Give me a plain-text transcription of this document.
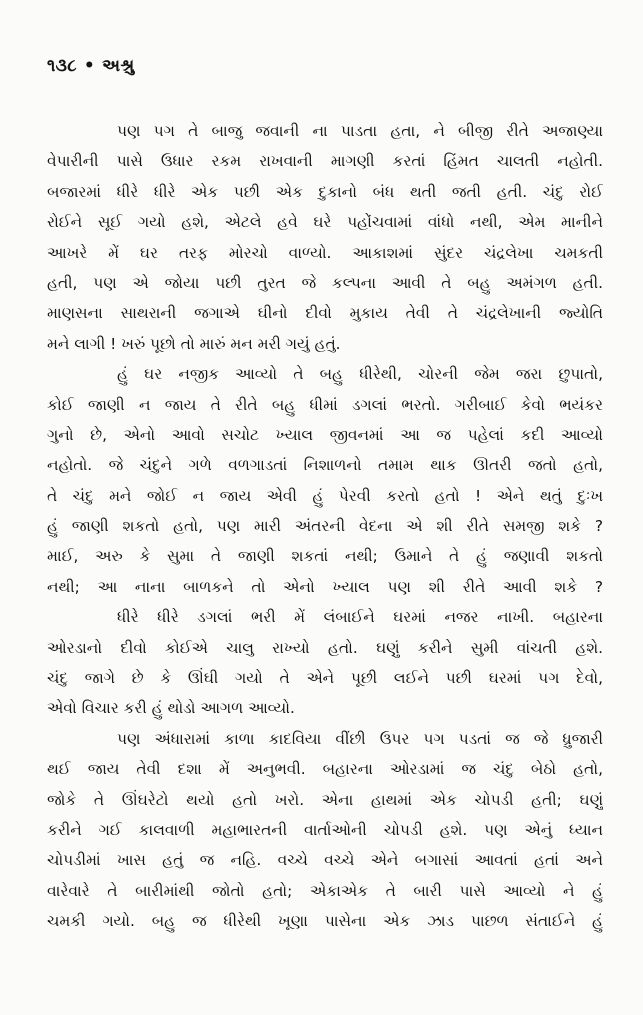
૧૩૮ • અશ્રુ
પણ પગ તે બાજુ જવાની ના પાડતા હતા, ને બીજી રીતે અજાણ્યા
વેપારીની પાસે ઉધાર રકમ રાખવાની માગણી કરતાં હિંમત ચાલતી નહોતી.
બજારમાં ધીરે ધીરે એક પછી એક દુકાનો બંધ થતી જતી હતી. ચંદુ રોઈ
રોઈને સૂઈ ગયો હશે, એટલે હવે ઘરે પહોંચવામાં વાંધો નથી, એમ માનીને
આખરે મેં ઘર તરફ મોરચો વાળ્યો. આકાશમાં સુંદર ચંદ્રલેખા ચમકતી
હતી, પણ એ જોયા પછી તુરત જે કલ્પના આવી તે બહુ અમંગળ હતી.
માણસના સાથરાની જગાએ ઘીનો દીવો મુકાય તેવી તે ચંદ્રલેખાની જ્યોતિ
મને લાગી ! ખરું પૂછો તો મારું મન મરી ગયું હતું.
હું ઘર નજીક આવ્યો તે બહુ ધીરેથી, ચોરની જેમ જરા છુપાતો,
કોઈ જાણી ન જાય તે રીતે બહુ ધીમાં ડગલાં ભરતો. ગરીબાઈ કેવો ભયંકર
ગુનો છે, એનો આવો સચોટ ખ્યાલ જીવનમાં આ જ પહેલાં કદી આવ્યો
નહોતો. જે ચંદુને ગળે વળગાડતાં નિશાળનો તમામ થાક ઊતરી જતો હતો,
તે ચંદુ મને જોઈ ન જાય એવી હું પેરવી કરતો હતો ! એને થતું દુઃખ
હું જાણી શકતો હતો, પણ મારી અંતરની વેદના એ શી રીતે સમજી શકે ?
માઈ, અરુ કે સુમા તે જાણી શકતાં નથી; ઉમાને તે હું જણાવી શકતો
નથી; આ નાના બાળકને તો એનો ખ્યાલ પણ શી રીતે આવી શકે ?
ધીરે ધીરે ડગલાં ભરી મેં લંબાઈને ઘરમાં નજર નાખી. બહારના
ઓરડાનો દીવો કોઈએ ચાલુ રાખ્યો હતો. ઘણું કરીને સુમી વાંચતી હશે.
ચંદુ જાગે છે કે ઊંઘી ગયો તે એને પૂછી લઈને પછી ઘરમાં પગ દેવો,
એવો વિચાર કરી હું થોડો આગળ આવ્યો.
પણ અંધારામાં કાળા કાદવિયા વીંછી ઉપર પગ પડતાં જ જે ધ્રુજારી
થઈ જાય તેવી દશા મેં અનુભવી. બહારના ઓરડામાં જ ચંદુ બેઠો હતો,
જોકે તે ઊંઘરેટો થયો હતો ખરો. એના હાથમાં એક ચોપડી હતી; ઘણું
કરીને ગઈ કાલવાળી મહાભારતની વાર્તાઓની ચોપડી હશે. પણ એનું ધ્યાન
ચોપડીમાં ખાસ હતું જ નહિ. વચ્ચે વચ્ચે એને બગાસાં આવતાં હતાં અને
વારેવારે તે બારીમાંથી જોતો હતો; એકાએક તે બારી પાસે આવ્યો ને હું
ચમકી ગયો. બહુ જ ધીરેથી ખૂણા પાસેના એક ઝાડ પાછળ સંતાઈને હું
